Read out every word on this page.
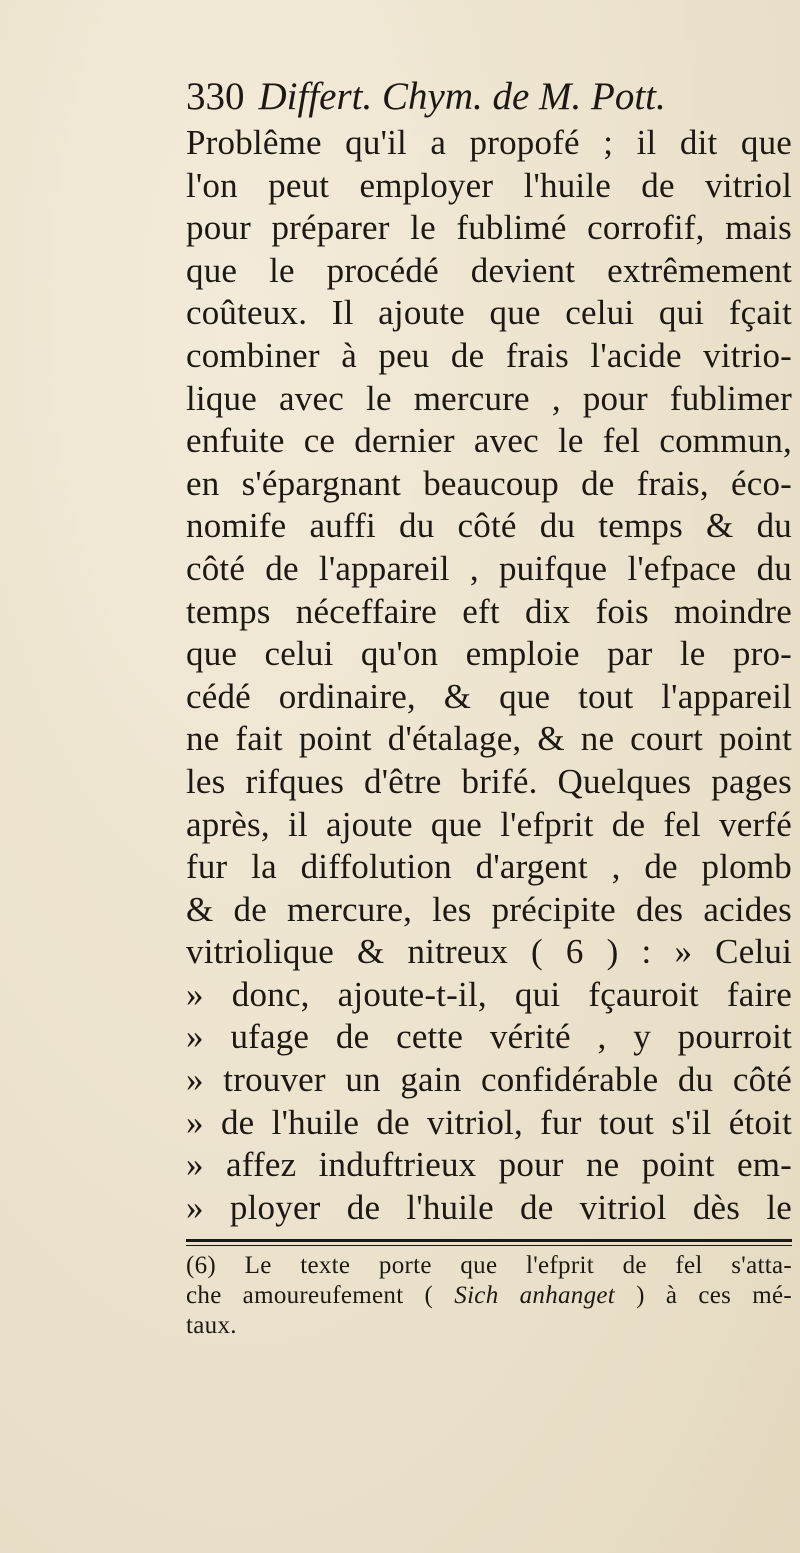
330 Differt. Chym. de M. Pott.
Problême qu'il a propofé ; il dit que
l'on peut employer l'huile de vitriol
pour préparer le fublimé corrofif, mais
que le procédé devient extrêmement
coûteux. Il ajoute que celui qui fçait
combiner à peu de frais l'acide vitrio-
lique avec le mercure , pour fublimer
enfuite ce dernier avec le fel commun,
en s'épargnant beaucoup de frais, éco-
nomife auffi du côté du temps & du
côté de l'appareil , puifque l'efpace du
temps néceffaire eft dix fois moindre
que celui qu'on emploie par le pro-
cédé ordinaire, & que tout l'appareil
ne fait point d'étalage, & ne court point
les rifques d'être brifé. Quelques pages
après, il ajoute que l'efprit de fel verfé
fur la diffolution d'argent , de plomb
& de mercure, les précipite des acides
vitriolique & nitreux ( 6 ) : » Celui
» donc, ajoute-t-il, qui fçauroit faire
» ufage de cette vérité , y pourroit
» trouver un gain confidérable du côté
» de l'huile de vitriol, fur tout s'il étoit
» affez induftrieux pour ne point em-
» ployer de l'huile de vitriol dès le
(6) Le texte porte que l'efprit de fel s'atta-
che amoureufement ( Sich anhanget ) à ces mé-
taux.
